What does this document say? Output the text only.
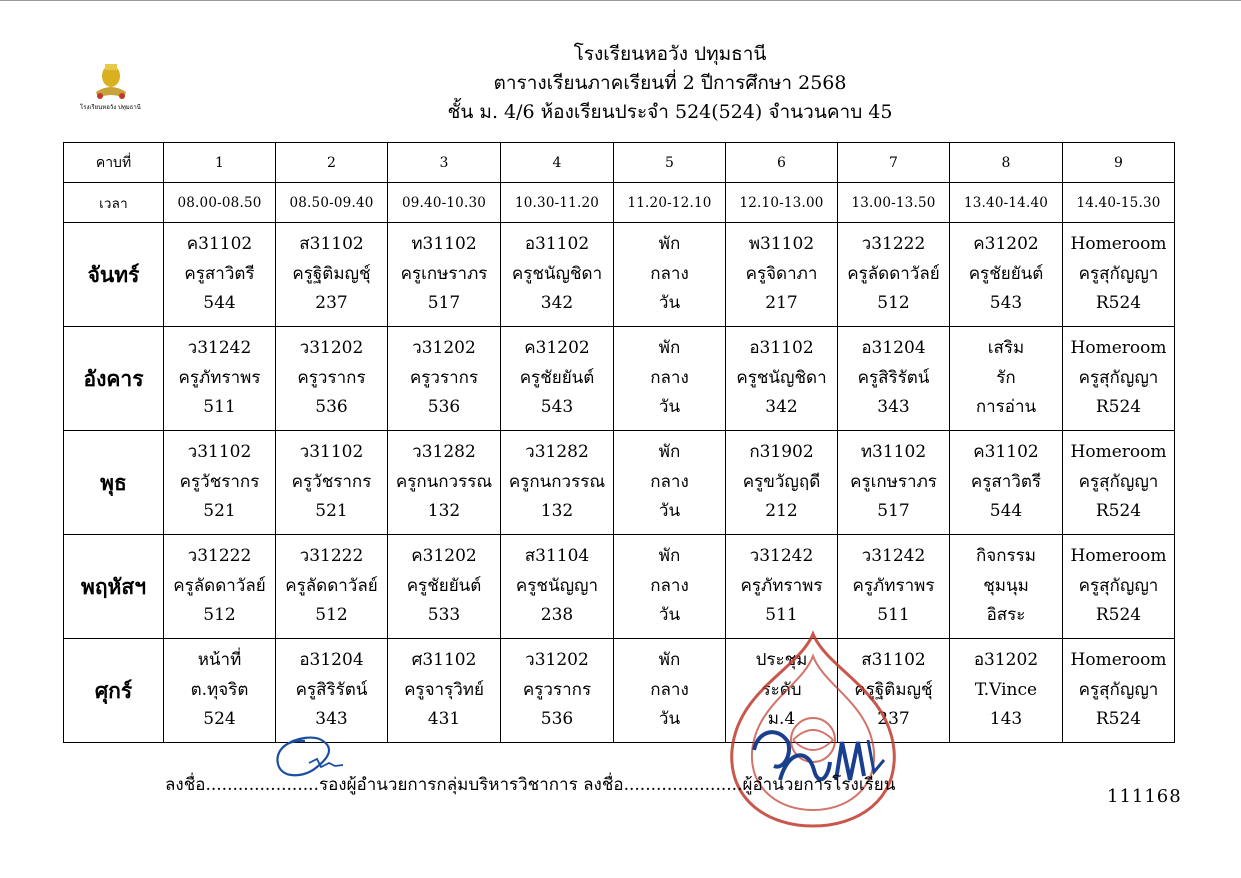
โรงเรียนหอวัง ปทุมธานี
โรงเรียนหอวัง ปทุมธานี
ตารางเรียนภาคเรียนที่ 2 ปีการศึกษา 2568
ชั้น ม. 4/6 ห้องเรียนประจำ 524(524) จำนวนคาบ 45
คาบที่	1	2	3	4	5	6	7	8	9
เวลา	08.00-08.50	08.50-09.40	09.40-10.30	10.30-11.20	11.20-12.10	12.10-13.00	13.00-13.50	13.40-14.40	14.40-15.30
จันทร์	ค31102
ครูสาวิตรี
544	ส31102
ครูฐิติมญชุ์
237	ท31102
ครูเกษราภร
517	อ31102
ครูชนัญชิดา
342	พัก
กลาง
วัน	พ31102
ครูจิดาภา
217	ว31222
ครูลัดดาวัลย์
512	ค31202
ครูชัยยันต์
543	Homeroom
ครูสุกัญญา
R524

อังคาร	ว31242
ครูภัทราพร
511	ว31202
ครูวรากร
536	ว31202
ครูวรากร
536	ค31202
ครูชัยยันต์
543	พัก
กลาง
วัน	อ31102
ครูชนัญชิดา
342	อ31204
ครูสิริรัตน์
343	เสริม
รัก
การอ่าน	Homeroom
ครูสุกัญญา
R524

พุธ	ว31102
ครูวัชรากร
521	ว31102
ครูวัชรากร
521	ว31282
ครูกนกวรรณ
132	ว31282
ครูกนกวรรณ
132	พัก
กลาง
วัน	ก31902
ครูขวัญฤดี
212	ท31102
ครูเกษราภร
517	ค31102
ครูสาวิตรี
544	Homeroom
ครูสุกัญญา
R524

พฤหัสฯ	ว31222
ครูลัดดาวัลย์
512	ว31222
ครูลัดดาวัลย์
512	ค31202
ครูชัยยันต์
533	ส31104
ครูชนัญญา
238	พัก
กลาง
วัน	ว31242
ครูภัทราพร
511	ว31242
ครูภัทราพร
511	กิจกรรม
ชุมนุม
อิสระ	Homeroom
ครูสุกัญญา
R524

ศุกร์	หน้าที่
ต.ทุจริต
524	อ31204
ครูสิริรัตน์
343	ศ31102
ครูจารุวิทย์
431	ว31202
ครูวรากร
536	พัก
กลาง
วัน	ประชุม
ระดับ
ม.4	ส31102
ครูฐิติมญชุ์
237	อ31202
T.Vince
143	Homeroom
ครูสุกัญญา
R524
ลงชื่อ.....................รองผู้อำนวยการกลุ่มบริหารวิชาการ ลงชื่อ......................ผู้อำนวยการโรงเรียน
111168
